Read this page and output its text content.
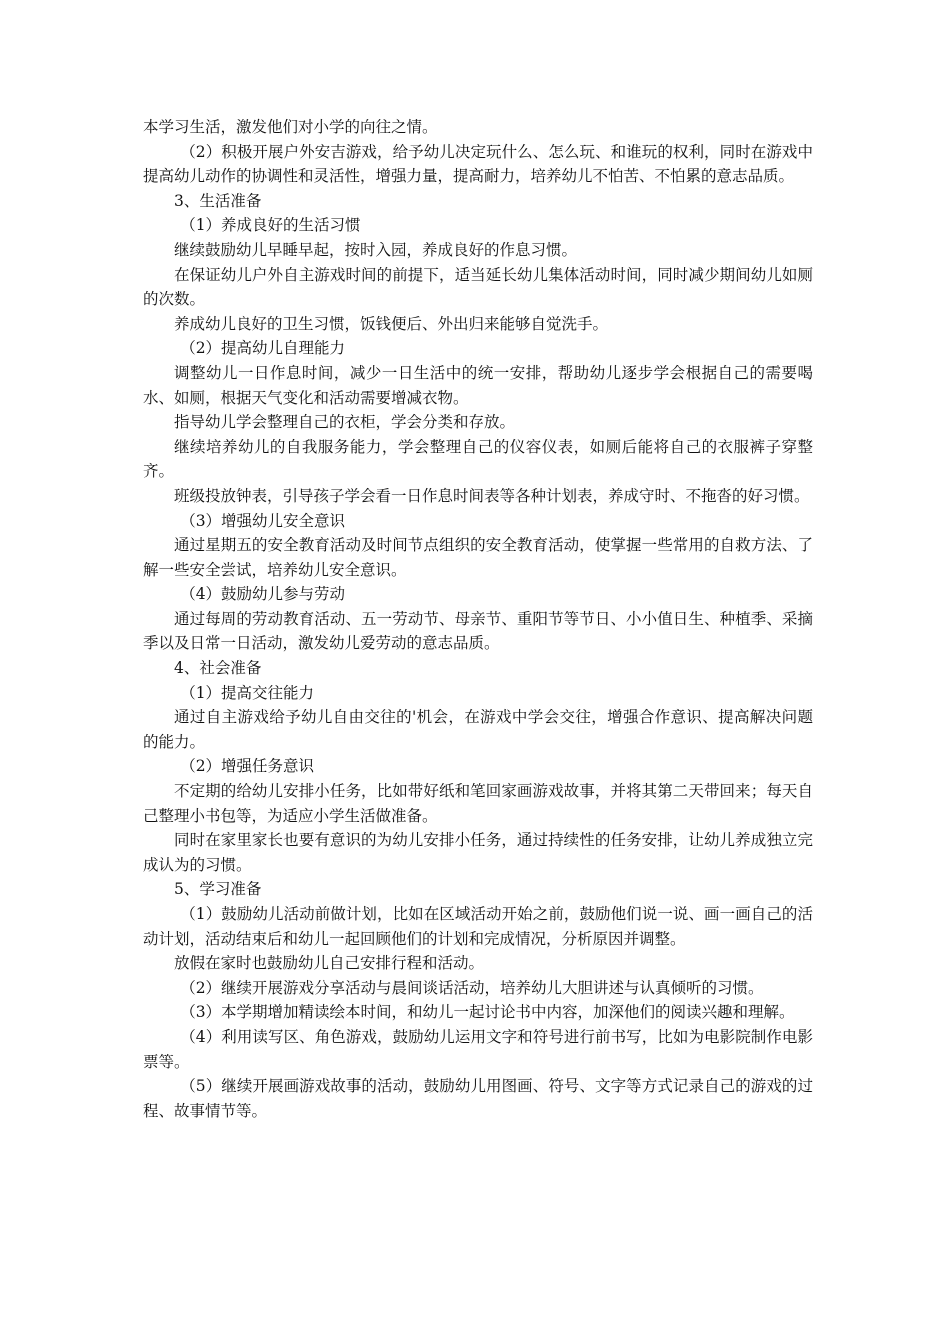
本学习生活，激发他们对小学的向往之情。

（2）积极开展户外安吉游戏，给予幼儿决定玩什么、怎么玩、和谁玩的权利，同时在游戏中提高幼儿动作的协调性和灵活性，增强力量，提高耐力，培养幼儿不怕苦、不怕累的意志品质。

3、生活准备

（1）养成良好的生活习惯

继续鼓励幼儿早睡早起，按时入园，养成良好的作息习惯。

在保证幼儿户外自主游戏时间的前提下，适当延长幼儿集体活动时间，同时减少期间幼儿如厕的次数。

养成幼儿良好的卫生习惯，饭钱便后、外出归来能够自觉洗手。

（2）提高幼儿自理能力

调整幼儿一日作息时间，减少一日生活中的统一安排，帮助幼儿逐步学会根据自己的需要喝水、如厕，根据天气变化和活动需要增减衣物。

指导幼儿学会整理自己的衣柜，学会分类和存放。

继续培养幼儿的自我服务能力，学会整理自己的仪容仪表，如厕后能将自己的衣服裤子穿整齐。

班级投放钟表，引导孩子学会看一日作息时间表等各种计划表，养成守时、不拖沓的好习惯。

（3）增强幼儿安全意识

通过星期五的安全教育活动及时间节点组织的安全教育活动，使掌握一些常用的自救方法、了解一些安全尝试，培养幼儿安全意识。

（4）鼓励幼儿参与劳动

通过每周的劳动教育活动、五一劳动节、母亲节、重阳节等节日、小小值日生、种植季、采摘季以及日常一日活动，激发幼儿爱劳动的意志品质。

4、社会准备

（1）提高交往能力

通过自主游戏给予幼儿自由交往的'机会，在游戏中学会交往，增强合作意识、提高解决问题的能力。

（2）增强任务意识

不定期的给幼儿安排小任务，比如带好纸和笔回家画游戏故事，并将其第二天带回来；每天自己整理小书包等，为适应小学生活做准备。

同时在家里家长也要有意识的为幼儿安排小任务，通过持续性的任务安排，让幼儿养成独立完成认为的习惯。

5、学习准备

（1）鼓励幼儿活动前做计划，比如在区域活动开始之前，鼓励他们说一说、画一画自己的活动计划，活动结束后和幼儿一起回顾他们的计划和完成情况，分析原因并调整。

放假在家时也鼓励幼儿自己安排行程和活动。

（2）继续开展游戏分享活动与晨间谈话活动，培养幼儿大胆讲述与认真倾听的习惯。

（3）本学期增加精读绘本时间，和幼儿一起讨论书中内容，加深他们的阅读兴趣和理解。

（4）利用读写区、角色游戏，鼓励幼儿运用文字和符号进行前书写，比如为电影院制作电影票等。

（5）继续开展画游戏故事的活动，鼓励幼儿用图画、符号、文字等方式记录自己的游戏的过程、故事情节等。
